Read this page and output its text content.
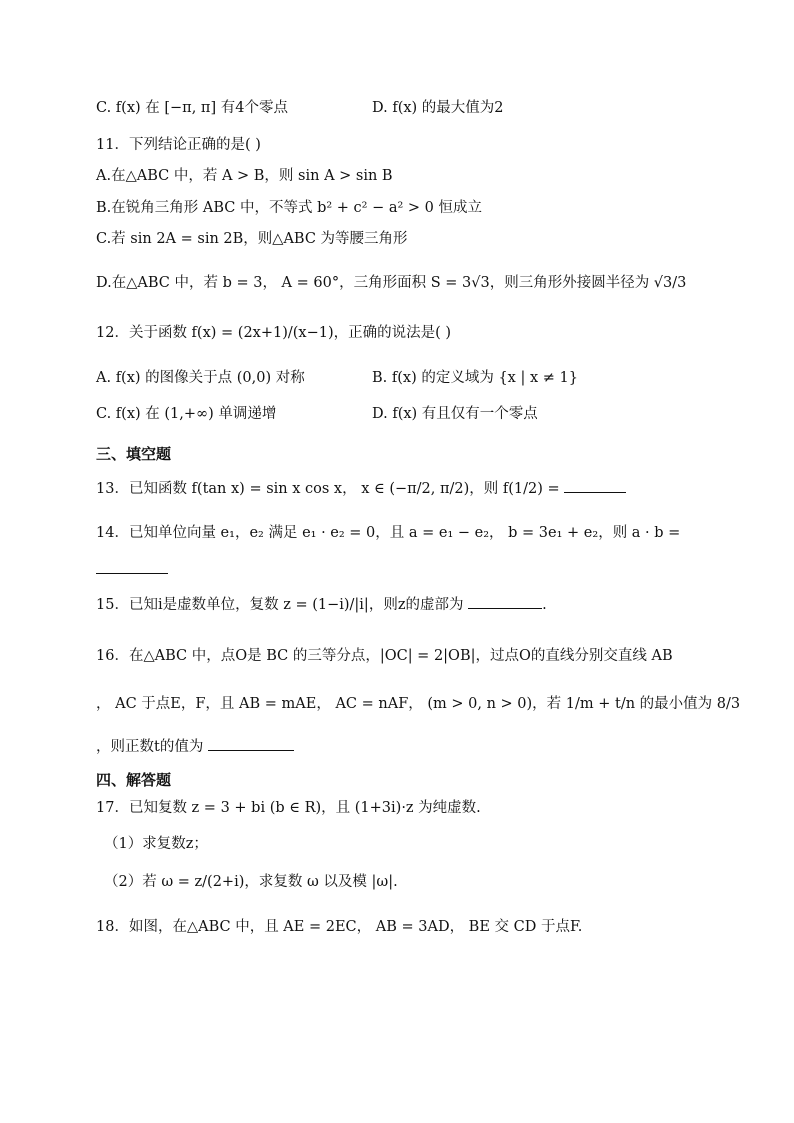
C. f(x) 在 [−π, π] 有4个零点	D. f(x) 的最大值为2
11．下列结论正确的是( )
A.在△ABC 中，若 A > B，则 sin A > sin B
B.在锐角三角形 ABC 中，不等式 b² + c² − a² > 0 恒成立
C.若 sin 2A = sin 2B，则△ABC 为等腰三角形
D.在△ABC 中，若 b = 3， A = 60°，三角形面积 S = 3√3，则三角形外接圆半径为 √3/3
12．关于函数 f(x) = (2x+1)/(x−1)，正确的说法是( )
A. f(x) 的图像关于点 (0,0) 对称	B. f(x) 的定义域为 {x | x ≠ 1}
C. f(x) 在 (1,+∞) 单调递增	D. f(x) 有且仅有一个零点
三、填空题
13．已知函数 f(tan x) = sin x cos x， x ∈ (−π/2, π/2)，则 f(1/2) =
14．已知单位向量 e₁，e₂ 满足 e₁ · e₂ = 0，且 a = e₁ − e₂， b = 3e₁ + e₂，则 a · b =
15．已知i是虚数单位，复数 z = (1−i)/|i|，则z的虚部为	.
16．在△ABC 中，点O是 BC 的三等分点，|OC| = 2|OB|，过点O的直线分别交直线 AB
， AC 于点E，F，且 AB = mAE， AC = nAF， (m > 0, n > 0)，若 1/m + t/n 的最小值为 8/3
，则正数t的值为
四、解答题
17．已知复数 z = 3 + bi (b ∈ R)，且 (1+3i)·z 为纯虚数.
（1）求复数z；
（2）若 ω = z/(2+i)，求复数 ω 以及模 |ω|.
18．如图，在△ABC 中，且 AE = 2EC， AB = 3AD， BE 交 CD 于点F.
